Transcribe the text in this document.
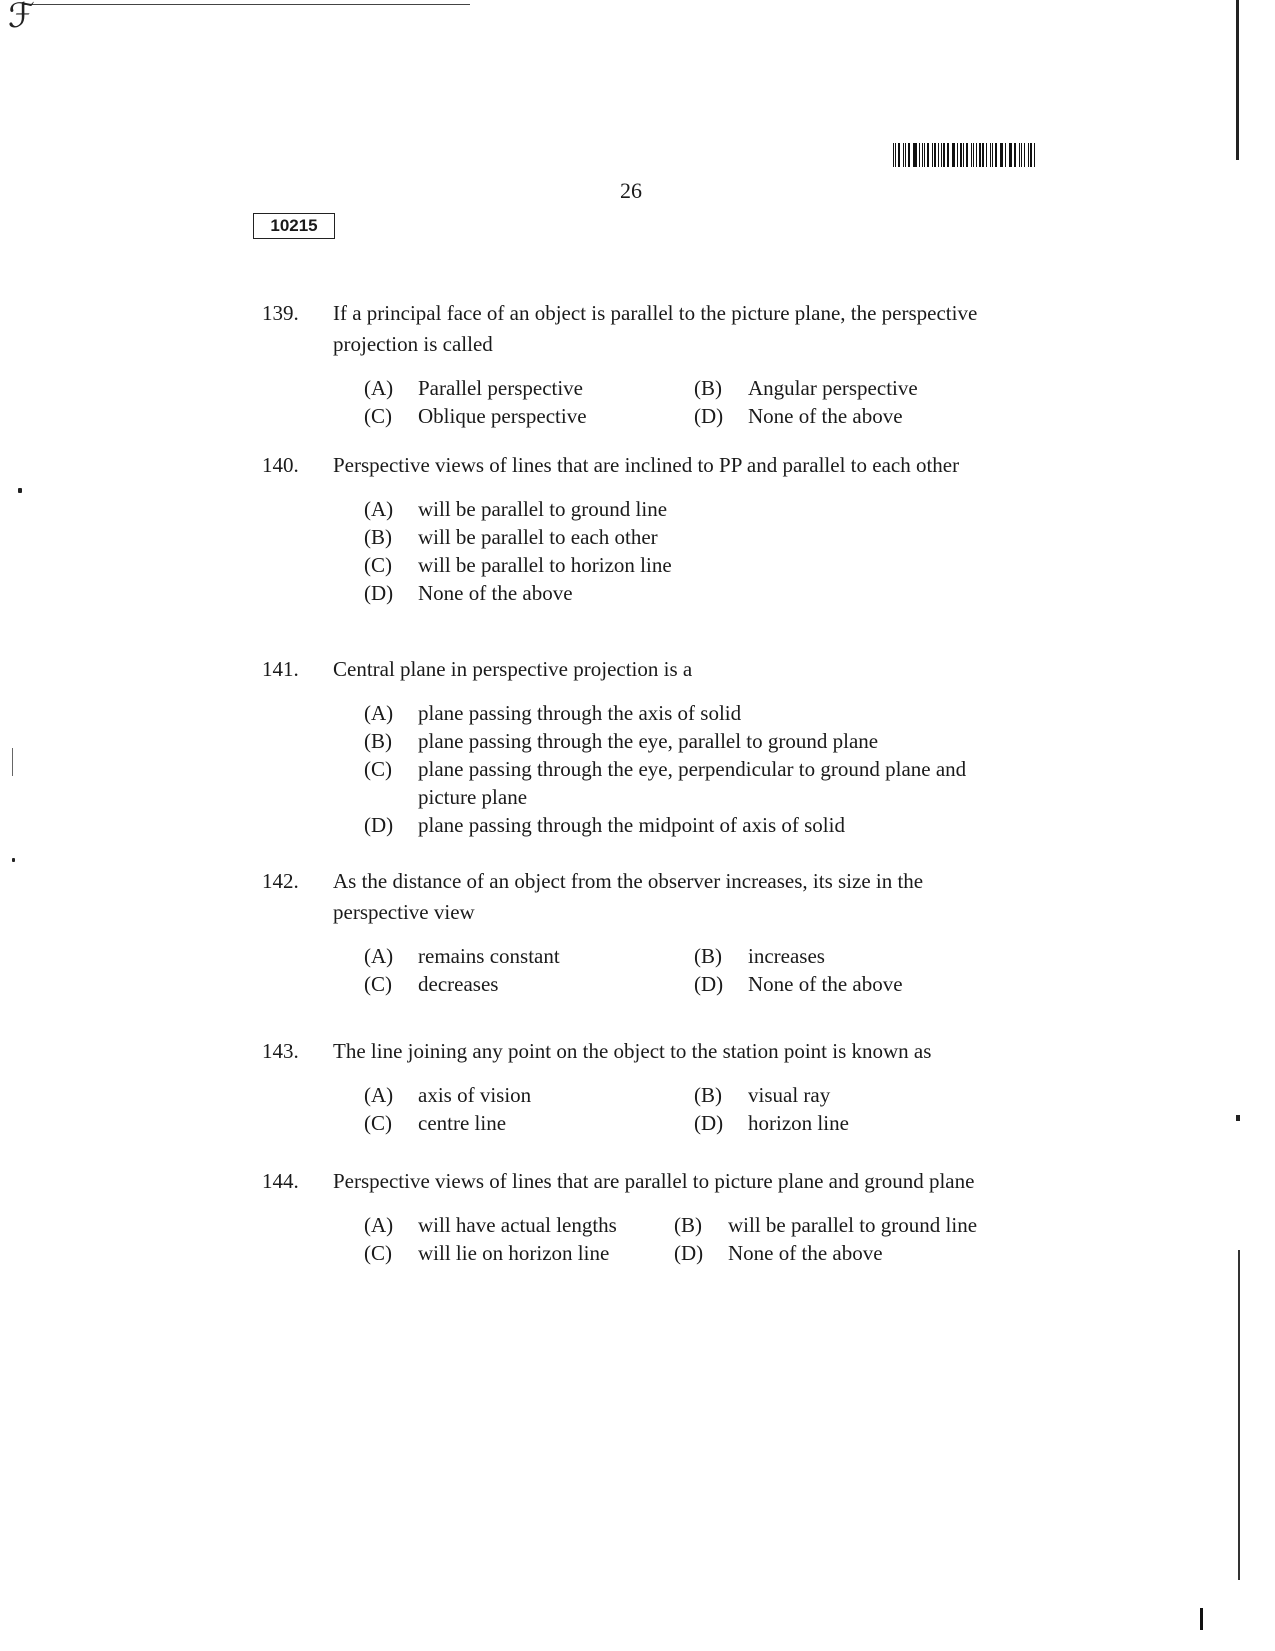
ℱ
26
10215
139.	If a principal face of an object is parallel to the picture plane, the perspective projection is called
(A)	Parallel perspective	(B)	Angular perspective
(C)	Oblique perspective	(D)	None of the above
140.	Perspective views of lines that are inclined to PP and parallel to each other
(A)	will be parallel to ground line
(B)	will be parallel to each other
(C)	will be parallel to horizon line
(D)	None of the above
141.	Central plane in perspective projection is a
(A)	plane passing through the axis of solid
(B)	plane passing through the eye, parallel to ground plane
(C)	plane passing through the eye, perpendicular to ground plane and picture plane
(D)	plane passing through the midpoint of axis of solid
142.	As the distance of an object from the observer increases, its size in the perspective view
(A)	remains constant	(B)	increases
(C)	decreases	(D)	None of the above
143.	The line joining any point on the object to the station point is known as
(A)	axis of vision	(B)	visual ray
(C)	centre line	(D)	horizon line
144.	Perspective views of lines that are parallel to picture plane and ground plane
(A)	will have actual lengths	(B)	will be parallel to ground line
(C)	will lie on horizon line	(D)	None of the above
